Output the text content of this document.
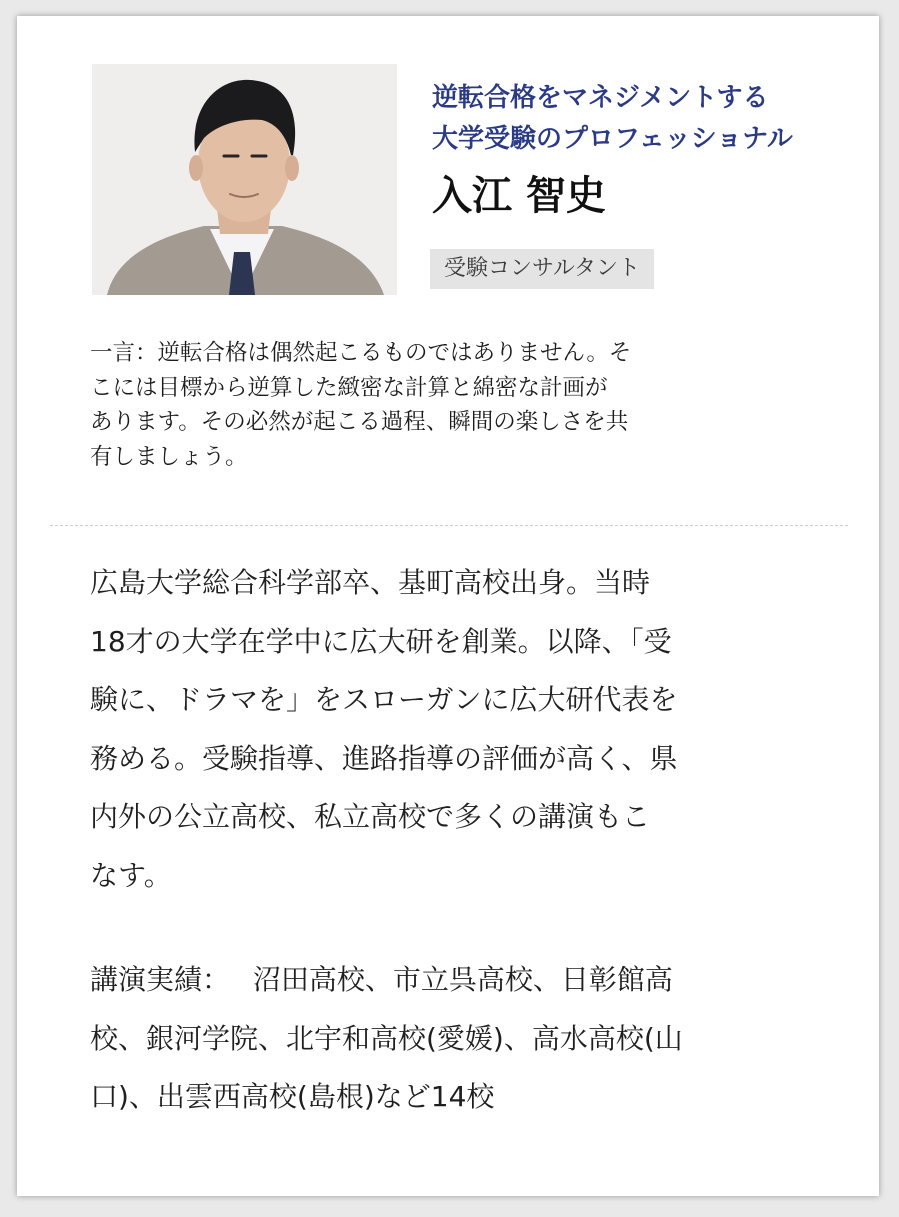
逆転合格をマネジメントする
大学受験のプロフェッショナル
入江 智史
受験コンサルタント
一言：逆転合格は偶然起こるものではありません。そ
こには目標から逆算した緻密な計算と綿密な計画が
あります。その必然が起こる過程、瞬間の楽しさを共
有しましょう。
広島大学総合科学部卒、基町高校出身。当時
18才の大学在学中に広大研を創業。以降、「受
験に、ドラマを」をスローガンに広大研代表を
務める。受験指導、進路指導の評価が高く、県
内外の公立高校、私立高校で多くの講演もこ
なす。
講演実績：　 沼田高校、市立呉高校、日彰館高
校、銀河学院、北宇和高校(愛媛)、高水高校(山
口)、出雲西高校(島根)など14校
